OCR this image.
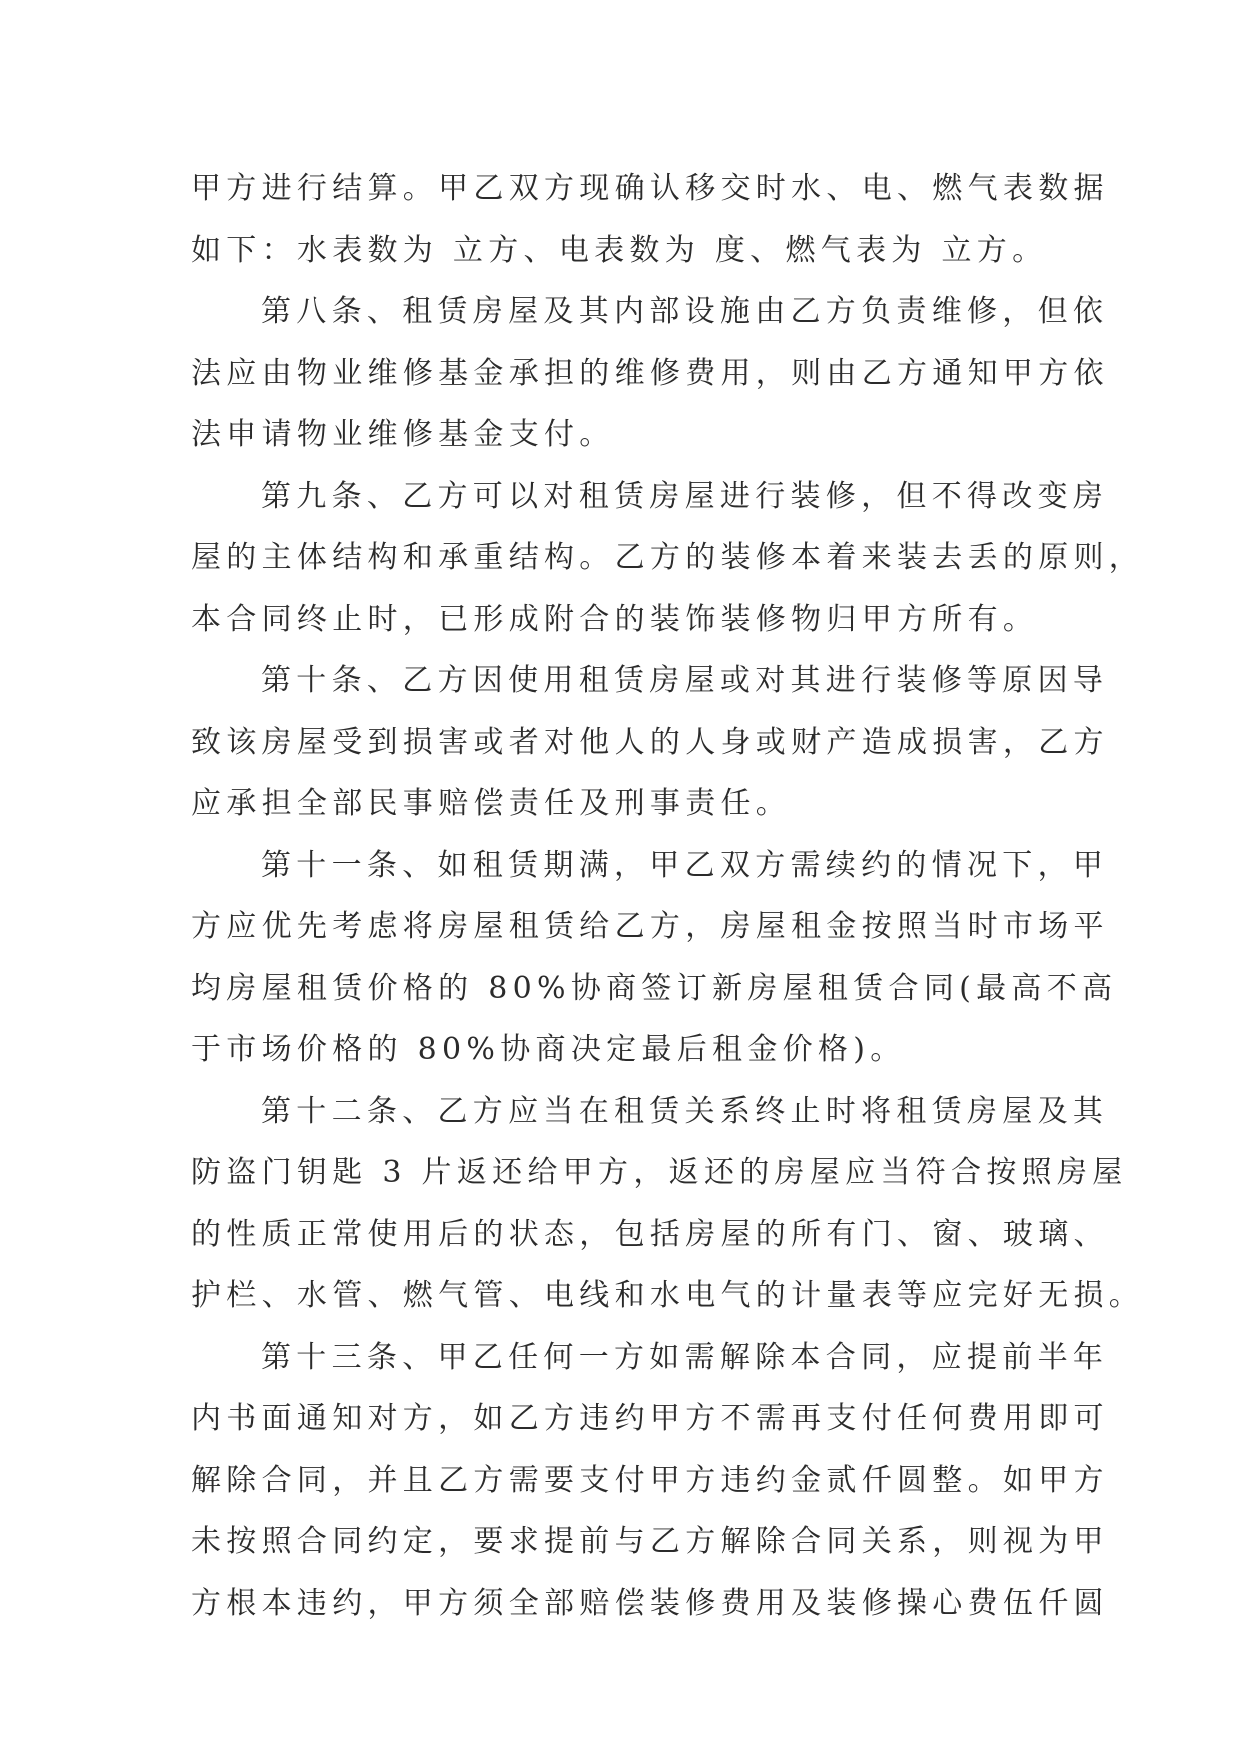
甲方进行结算。甲乙双方现确认移交时水、电、燃气表数据
如下：水表数为 立方、电表数为 度、燃气表为 立方。
第八条、租赁房屋及其内部设施由乙方负责维修，但依
法应由物业维修基金承担的维修费用，则由乙方通知甲方依
法申请物业维修基金支付。
第九条、乙方可以对租赁房屋进行装修，但不得改变房
屋的主体结构和承重结构。乙方的装修本着来装去丢的原则，
本合同终止时，已形成附合的装饰装修物归甲方所有。
第十条、乙方因使用租赁房屋或对其进行装修等原因导
致该房屋受到损害或者对他人的人身或财产造成损害，乙方
应承担全部民事赔偿责任及刑事责任。
第十一条、如租赁期满，甲乙双方需续约的情况下，甲
方应优先考虑将房屋租赁给乙方，房屋租金按照当时市场平
均房屋租赁价格的 80%协商签订新房屋租赁合同(最高不高
于市场价格的 80%协商决定最后租金价格)。
第十二条、乙方应当在租赁关系终止时将租赁房屋及其
防盗门钥匙 3 片返还给甲方，返还的房屋应当符合按照房屋
的性质正常使用后的状态，包括房屋的所有门、窗、玻璃、
护栏、水管、燃气管、电线和水电气的计量表等应完好无损。
第十三条、甲乙任何一方如需解除本合同，应提前半年
内书面通知对方，如乙方违约甲方不需再支付任何费用即可
解除合同，并且乙方需要支付甲方违约金贰仟圆整。如甲方
未按照合同约定，要求提前与乙方解除合同关系，则视为甲
方根本违约，甲方须全部赔偿装修费用及装修操心费伍仟圆
